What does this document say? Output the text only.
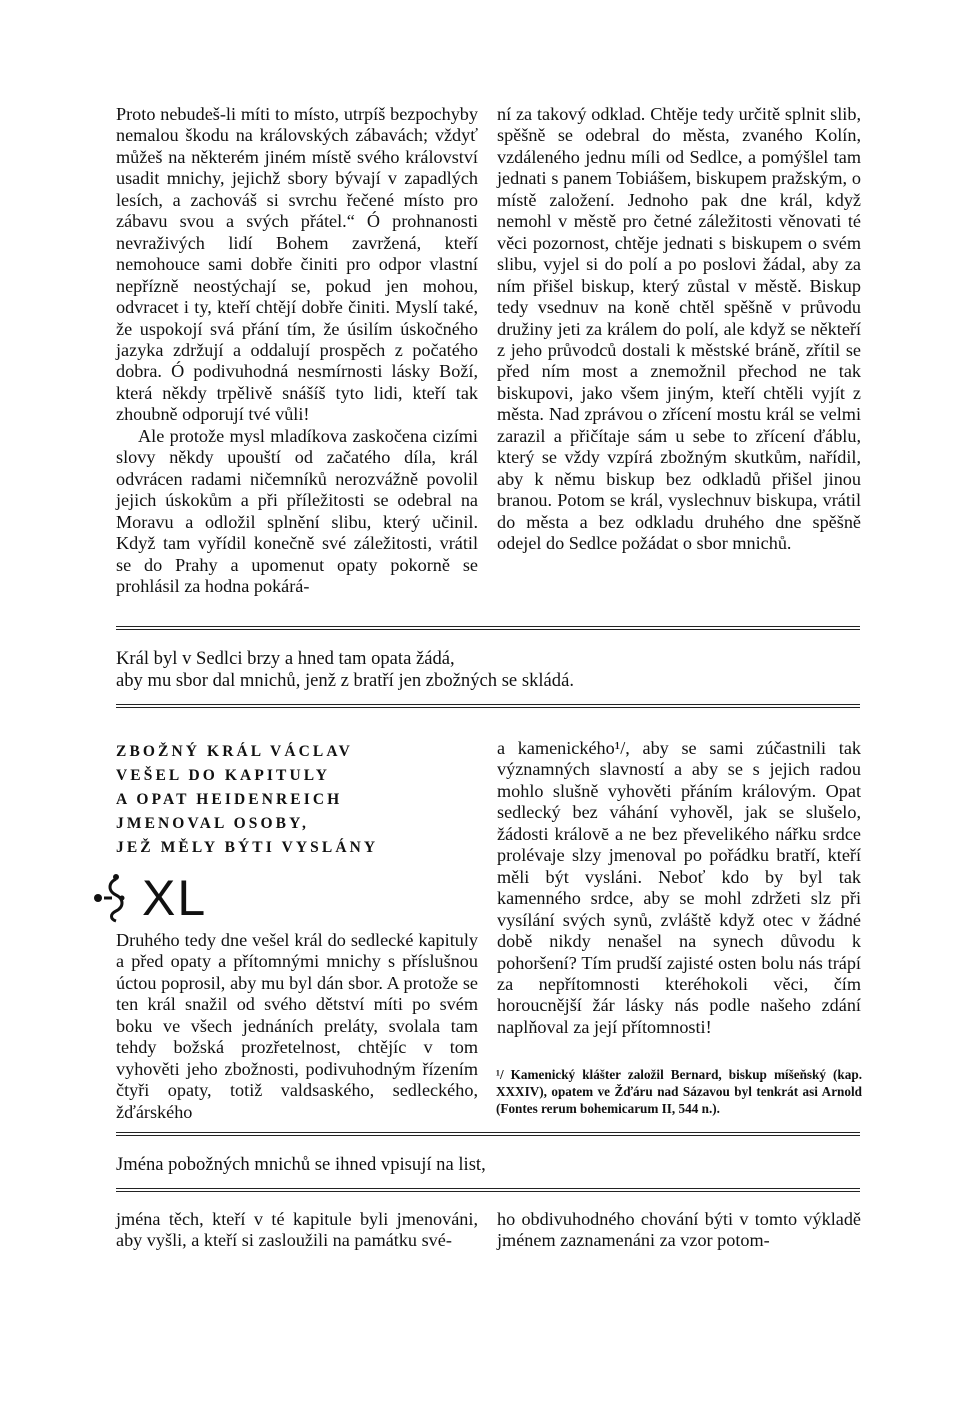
Proto nebudeš-li míti to místo, utrpíš bezpochyby nemalou škodu na královských zábavách; vždyť můžeš na některém jiném místě svého království usadit mnichy, jejichž sbory bývají v zapadlých lesích, a zachováš si svrchu řečené místo pro zábavu svou a svých přátel.“ Ó prohnanosti nevraživých lidí Bohem zavržená, kteří nemohouce sami dobře činiti pro odpor vlastní nepřízně neostýchají se, pokud jen mohou, odvracet i ty, kteří chtějí dobře činiti. Myslí také, že uspokojí svá přání tím, že úsilím úskočného jazyka zdržují a oddalují prospěch z počatého dobra. Ó podivuhodná nesmírnosti lásky Boží, která někdy trpělivě snášíš tyto lidi, kteří tak zhoubně odporují tvé vůli!

Ale protože mysl mladíkova zaskočena cizími slovy někdy upouští od začatého díla, král odvrácen radami ničemníků nerozvážně povolil jejich úskokům a při příležitosti se odebral na Moravu a odložil splnění slibu, který učinil. Když tam vyřídil konečně své záležitosti, vrátil se do Prahy a upomenut opaty pokorně se prohlásil za hodna pokárá-

ní za takový odklad. Chtěje tedy určitě splnit slib, spěšně se odebral do města, zvaného Kolín, vzdáleného jednu míli od Sedlce, a pomýšlel tam jednati s panem Tobiášem, biskupem pražským, o místě založení. Jednoho pak dne král, když nemohl v městě pro četné záležitosti věnovati té věci pozornost, chtěje jednati s biskupem o svém slibu, vyjel si do polí a po poslovi žádal, aby za ním přišel biskup, který zůstal v městě. Biskup tedy vsednuv na koně chtěl spěšně v průvodu družiny jeti za králem do polí, ale když se někteří z jeho průvodců dostali k městské bráně, zřítil se před ním most a znemožnil přechod ne tak biskupovi, jako všem jiným, kteří chtěli vyjít z města. Nad zprávou o zřícení mostu král se velmi zarazil a přičítaje sám u sebe to zřícení ďáblu, který se vždy vzpírá zbožným skutkům, nařídil, aby k němu biskup bez odkladů přišel jinou branou. Potom se král, vyslechnuv biskupa, vrátil do města a bez odkladu druhého dne spěšně odejel do Sedlce požádat o sbor mnichů.

Král byl v Sedlci brzy a hned tam opata žádá,
aby mu sbor dal mnichů, jenž z bratří jen zbožných se skládá.
ZBOŽNÝ KRÁL VÁCLAV
VEŠEL DO KAPITULY
A OPAT HEIDENREICH
JMENOVAL OSOBY,
JEŽ MĚLY BÝTI VYSLÁNY
XL

Druhého tedy dne vešel král do sedlecké kapituly a před opaty a přítomnými mnichy s příslušnou úctou poprosil, aby mu byl dán sbor. A protože se ten král snažil od svého dětství míti po svém boku ve všech jednáních preláty, svolala tam tehdy božská prozřetelnost, chtějíc v tom vyhověti jeho zbožnosti, podivuhodným řízením čtyři opaty, totiž valdsaského, sedleckého, žďárského

a kamenického¹/, aby se sami zúčastnili tak významných slavností a aby se s jejich radou mohlo slušně vyhověti přáním královým. Opat sedlecký bez váhání vyhověl, jak se slušelo, žádosti královĕ a ne bez převelikého nářku srdce prolévaje slzy jmenoval po pořádku bratří, kteří měli být vysláni. Neboť kdo by byl tak kamenného srdce, aby se mohl zdržeti slz při vysílání svých synů, zvláště když otec v žádné době nikdy nenašel na synech důvodu k pohoršení? Tím prudší zajisté osten bolu nás trápí za nepřítomnosti kteréhokoli věci, čím horoucnější žár lásky nás podle našeho zdání naplňoval za její přítomnosti!

¹/ Kamenický klášter založil Bernard, biskup míšeňský (kap. XXXIV), opatem ve Žďáru nad Sázavou byl tenkrát asi Arnold (Fontes rerum bohemicarum II, 544 n.).
Jména pobožných mnichů se ihned vpisují na list,

jména těch, kteří v té kapitule byli jmenováni, aby vyšli, a kteří si zasloužili na památku své-

ho obdivuhodného chování býti v tomto výkladě jménem zaznamenáni za vzor potom-
